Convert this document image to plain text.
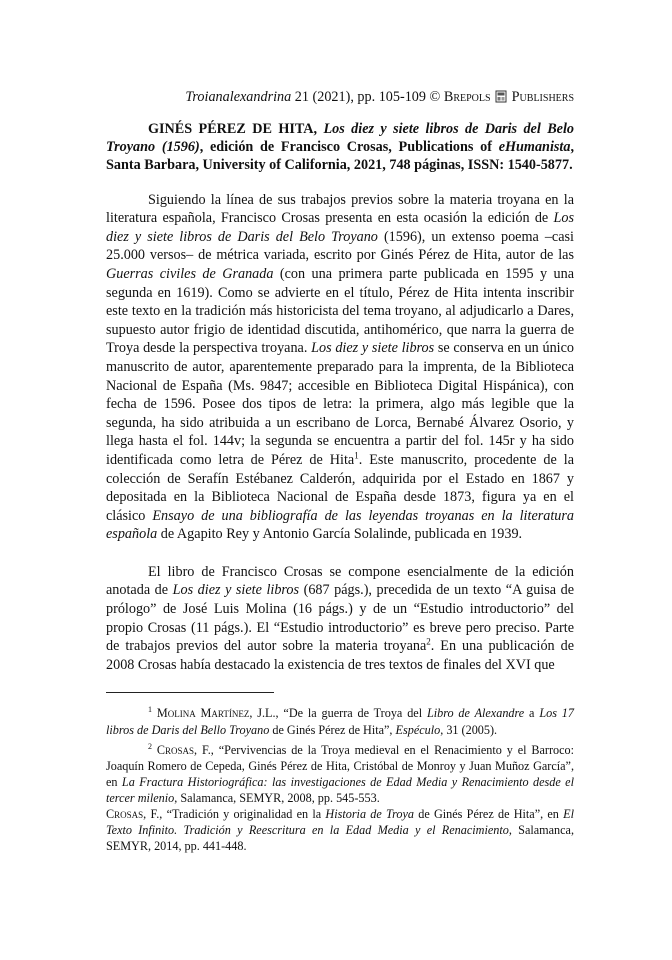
Troianalexandrina 21 (2021), pp. 105-109 © Brepols Publishers

GINÉS PÉREZ DE HITA, Los diez y siete libros de Daris del Belo Troyano (1596), edición de Francisco Crosas, Publications of eHumanista, Santa Barbara, University of California, 2021, 748 páginas, ISSN: 1540-5877.

Siguiendo la línea de sus trabajos previos sobre la materia troyana en la literatura española, Francisco Crosas presenta en esta ocasión la edición de Los diez y siete libros de Daris del Belo Troyano (1596), un extenso poema –casi 25.000 versos– de métrica variada, escrito por Ginés Pérez de Hita, autor de las Guerras civiles de Granada (con una primera parte publicada en 1595 y una segunda en 1619). Como se advierte en el título, Pérez de Hita intenta inscribir este texto en la tradición más historicista del tema troyano, al adjudicarlo a Dares, supuesto autor frigio de identidad discutida, antihomérico, que narra la guerra de Troya desde la perspectiva troyana. Los diez y siete libros se conserva en un único manuscrito de autor, aparentemente preparado para la imprenta, de la Biblioteca Nacional de España (Ms. 9847; accesible en Biblioteca Digital Hispánica), con fecha de 1596. Posee dos tipos de letra: la primera, algo más legible que la segunda, ha sido atribuida a un escribano de Lorca, Bernabé Álvarez Osorio, y llega hasta el fol. 144v; la segunda se encuentra a partir del fol. 145r y ha sido identificada como letra de Pérez de Hita$^1$. Este manuscrito, procedente de la colección de Serafín Estébanez Calderón, adquirida por el Estado en 1867 y depositada en la Biblioteca Nacional de España desde 1873, figura ya en el clásico Ensayo de una bibliografía de las leyendas troyanas en la literatura española de Agapito Rey y Antonio García Solalinde, publicada en 1939.

El libro de Francisco Crosas se compone esencialmente de la edición anotada de Los diez y siete libros (687 págs.), precedida de un texto “A guisa de prólogo” de José Luis Molina (16 págs.) y de un “Estudio introductorio” del propio Crosas (11 págs.). El “Estudio introductorio” es breve pero preciso. Parte de trabajos previos del autor sobre la materia troyana$^2$. En una publicación de 2008 Crosas había destacado la existencia de tres textos de finales del XVI que

$^1$ Molina Martínez, J.L., “De la guerra de Troya del Libro de Alexandre a Los 17 libros de Daris del Bello Troyano de Ginés Pérez de Hita”, Espéculo, 31 (2005).

$^2$ Crosas, F., “Pervivencias de la Troya medieval en el Renacimiento y el Barroco: Joaquín Romero de Cepeda, Ginés Pérez de Hita, Cristóbal de Monroy y Juan Muñoz García”, en La Fractura Historiográfica: las investigaciones de Edad Media y Renacimiento desde el tercer milenio, Salamanca, SEMYR, 2008, pp. 545-553.

Crosas, F., “Tradición y originalidad en la Historia de Troya de Ginés Pérez de Hita”, en El Texto Infinito. Tradición y Reescritura en la Edad Media y el Renacimiento, Salamanca, SEMYR, 2014, pp. 441-448.
